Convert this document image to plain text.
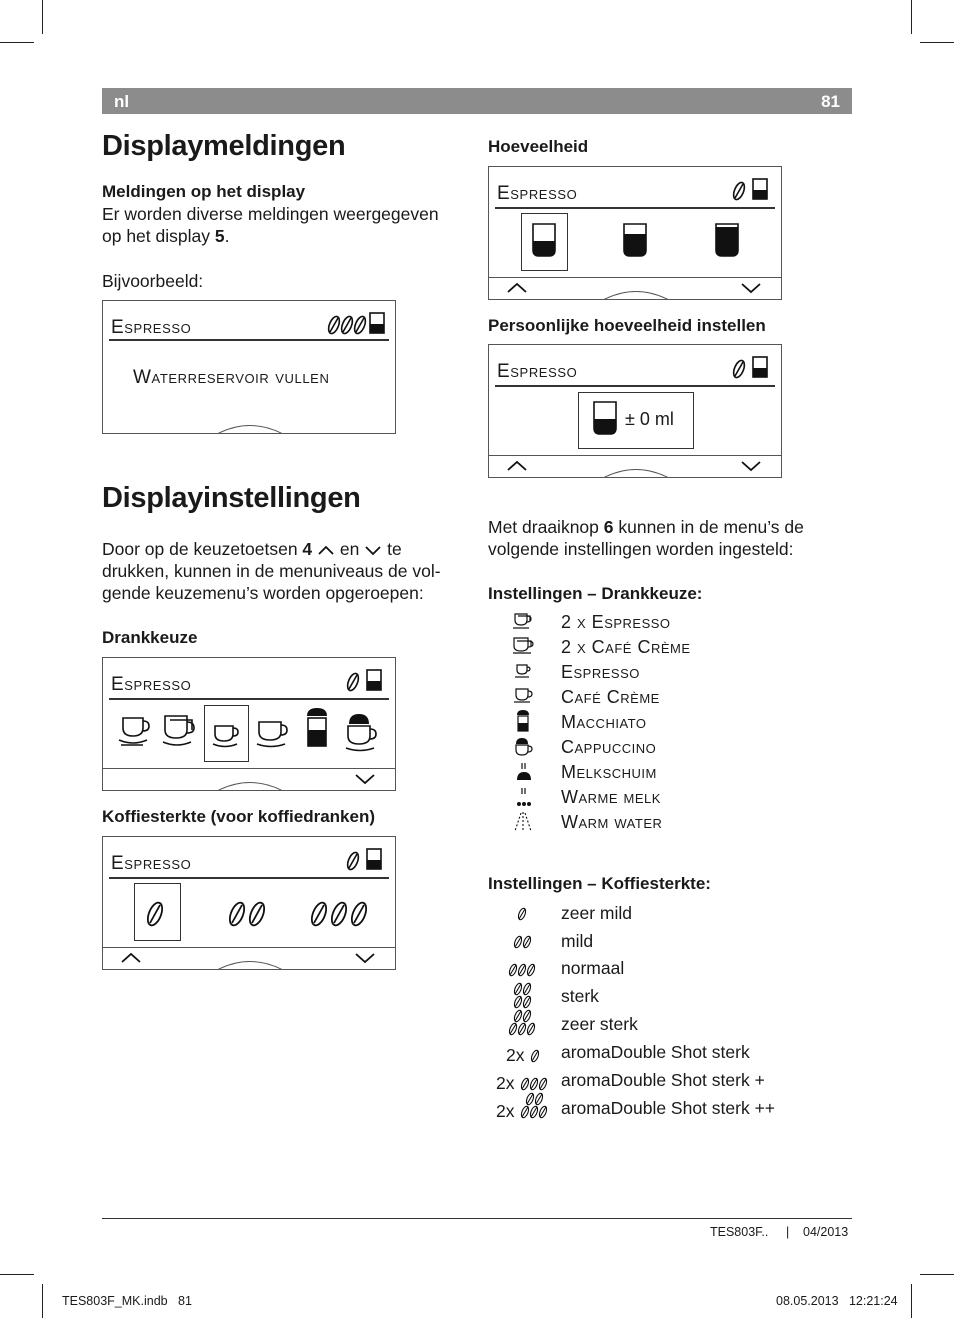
nl	81
Displaymeldingen
Meldingen op het display
Er worden diverse meldingen weergegeven
op het display 5.
Bijvoorbeeld:
Espresso
Waterreservoir vullen
Displayinstellingen
Door op de keuzetoetsen 4 en te
drukken, kunnen in de menuniveaus de vol-
gende keuzemenu’s worden opgeroepen:
Drankkeuze
Espresso
Koffiesterkte (voor koffiedranken)
Espresso
Hoeveelheid
Espresso
Persoonlijke hoeveelheid instellen
Espresso
± 0 ml
Met draaiknop 6 kunnen in de menu’s de
volgende instellingen worden ingesteld:
Instellingen – Drankkeuze:
2 x Espresso
2 x Café Crème
Espresso
Café Crème
Macchiato
Cappuccino
Melkschuim
Warme melk
Warm water
Instellingen – Koffiesterkte:
2x
2x
2x
zeer mild
mild
normaal
sterk
zeer sterk
aromaDouble Shot sterk
aromaDouble Shot sterk +
aromaDouble Shot sterk ++
TES803F.. | 04/2013
TES803F_MK.indb   81	08.05.2013   12:21:24
